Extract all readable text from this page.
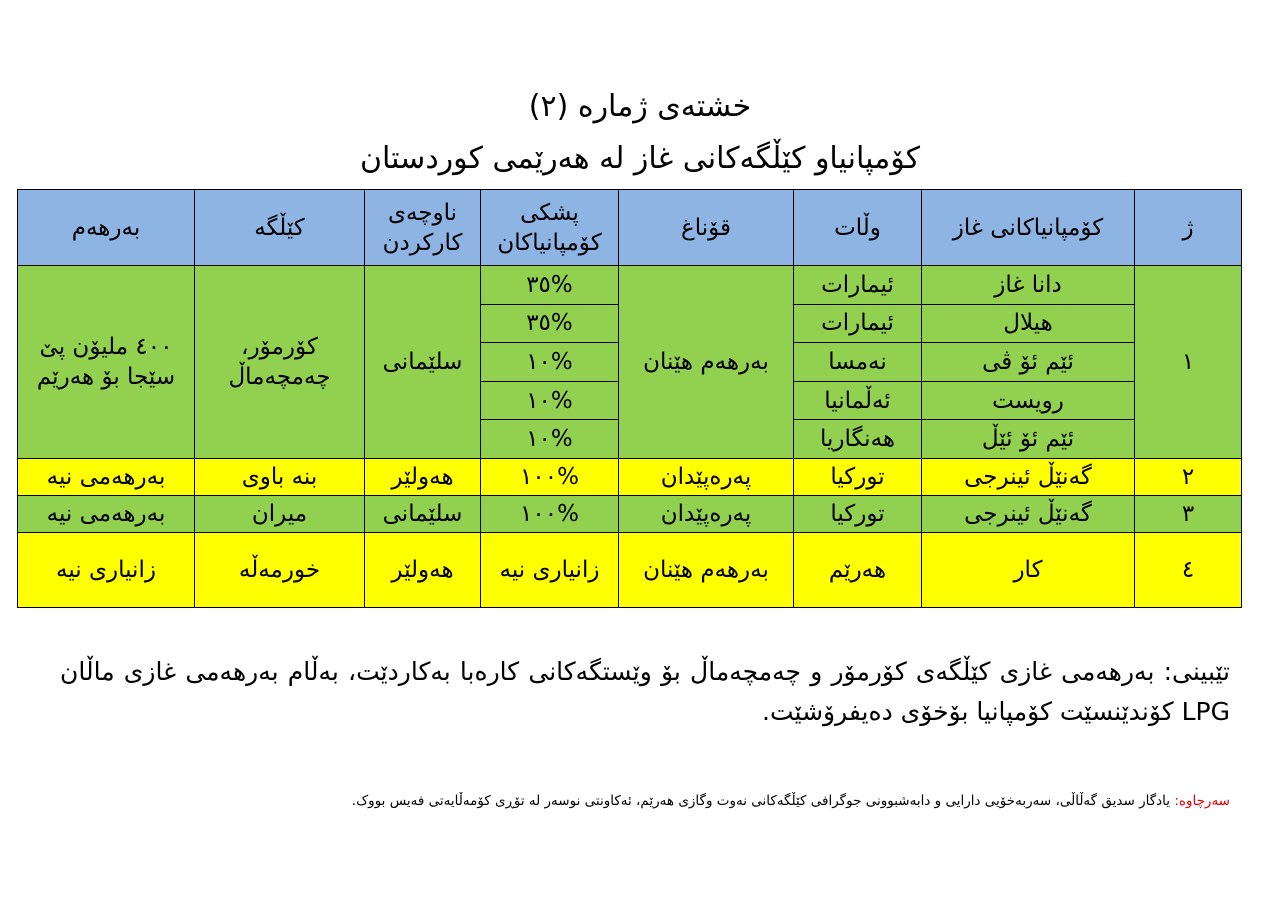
خشتەی ژمارە (٢)
کۆمپانیاو کێڵگەکانی غاز لە هەرێمی کوردستان
ژ	کۆمپانیاکانی غاز	وڵات	قۆناغ	پشکی کۆمپانیاکان	ناوچەی کارکردن	کێڵگە	بەرهەم
١	دانا غاز	ئیمارات	بەرهەم هێنان	%٣٥	سلێمانی	کۆرمۆر، چەمچەماڵ	٤٠٠ ملیۆن پێ سێجا بۆ هەرێم
	هیلال	ئیمارات		%٣٥			
	ئێم ئۆ ڤی	نەمسا		%١٠			
	رویست	ئەڵمانیا		%١٠			
	ئێم ئۆ ئێڵ	هەنگاریا		%١٠			
٢	گەنێڵ ئینرجی	تورکیا	پەرەپێدان	%١٠٠	هەولێر	بنە باوی	بەرهەمی نیە
٣	گەنێڵ ئینرجی	تورکیا	پەرەپێدان	%١٠٠	سلێمانی	میران	بەرهەمی نیە
٤	کار	هەرێم	بەرهەم هێنان	زانیاری نیە	هەولێر	خورمەڵە	زانیاری نیە
تێبینی: بەرهەمی غازی کێڵگەی کۆرمۆر و چەمچەماڵ بۆ وێستگەکانی کارەبا بەکاردێت، بەڵام بەرهەمی غازی ماڵان LPG کۆندێنسێت کۆمپانیا بۆخۆی دەیفرۆشێت.
سەرچاوە: یادگار سدیق گەڵاڵی، سەربەخۆیی دارایی و دابەشبوونی جوگرافی کێڵگەکانی نەوت وگازی هەرێم، ئەکاونتی نوسەر لە تۆڕی کۆمەڵایەتی فەیس بووک.
